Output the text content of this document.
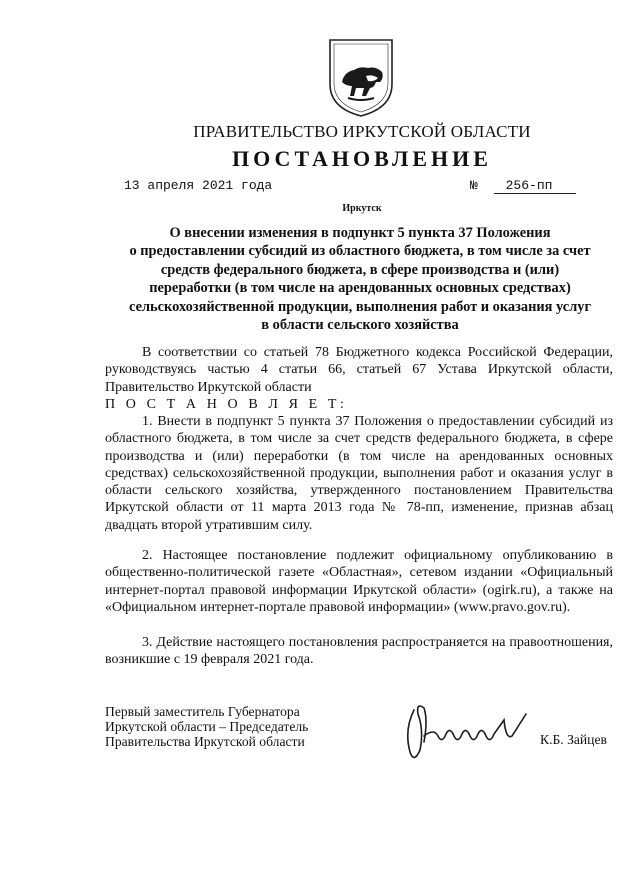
ПРАВИТЕЛЬСТВО ИРКУТСКОЙ ОБЛАСТИ
ПОСТАНОВЛЕНИЕ
13 апреля 2021 года	№ 256-пп
Иркутск
О внесении изменения в подпункт 5 пункта 37 Положения
о предоставлении субсидий из областного бюджета, в том числе за счет
средств федерального бюджета, в сфере производства и (или)
переработки (в том числе на арендованных основных средствах)
сельскохозяйственной продукции, выполнения работ и оказания услуг
в области сельского хозяйства

В соответствии со статьей 78 Бюджетного кодекса Российской Федерации, руководствуясь частью 4 статьи 66, статьей 67 Устава Иркутской области, Правительство Иркутской области

П О С Т А Н О В Л Я Е Т:

1. Внести в подпункт 5 пункта 37 Положения о предоставлении субсидий из областного бюджета, в том числе за счет средств федерального бюджета, в сфере производства и (или) переработки (в том числе на арендованных основных средствах) сельскохозяйственной продукции, выполнения работ и оказания услуг в области сельского хозяйства, утвержденного постановлением Правительства Иркутской области от 11 марта 2013 года № 78-пп, изменение, признав абзац двадцать второй утратившим силу.

2. Настоящее постановление подлежит официальному опубликованию в общественно-политической газете «Областная», сетевом издании «Официальный интернет-портал правовой информации Иркутской области» (ogirk.ru), а также на «Официальном интернет-портале правовой информации» (www.pravo.gov.ru).

3. Действие настоящего постановления распространяется на правоотношения, возникшие с 19 февраля 2021 года.

Первый заместитель Губернатора
Иркутской области – Председатель
Правительства Иркутской области	К.Б. Зайцев
